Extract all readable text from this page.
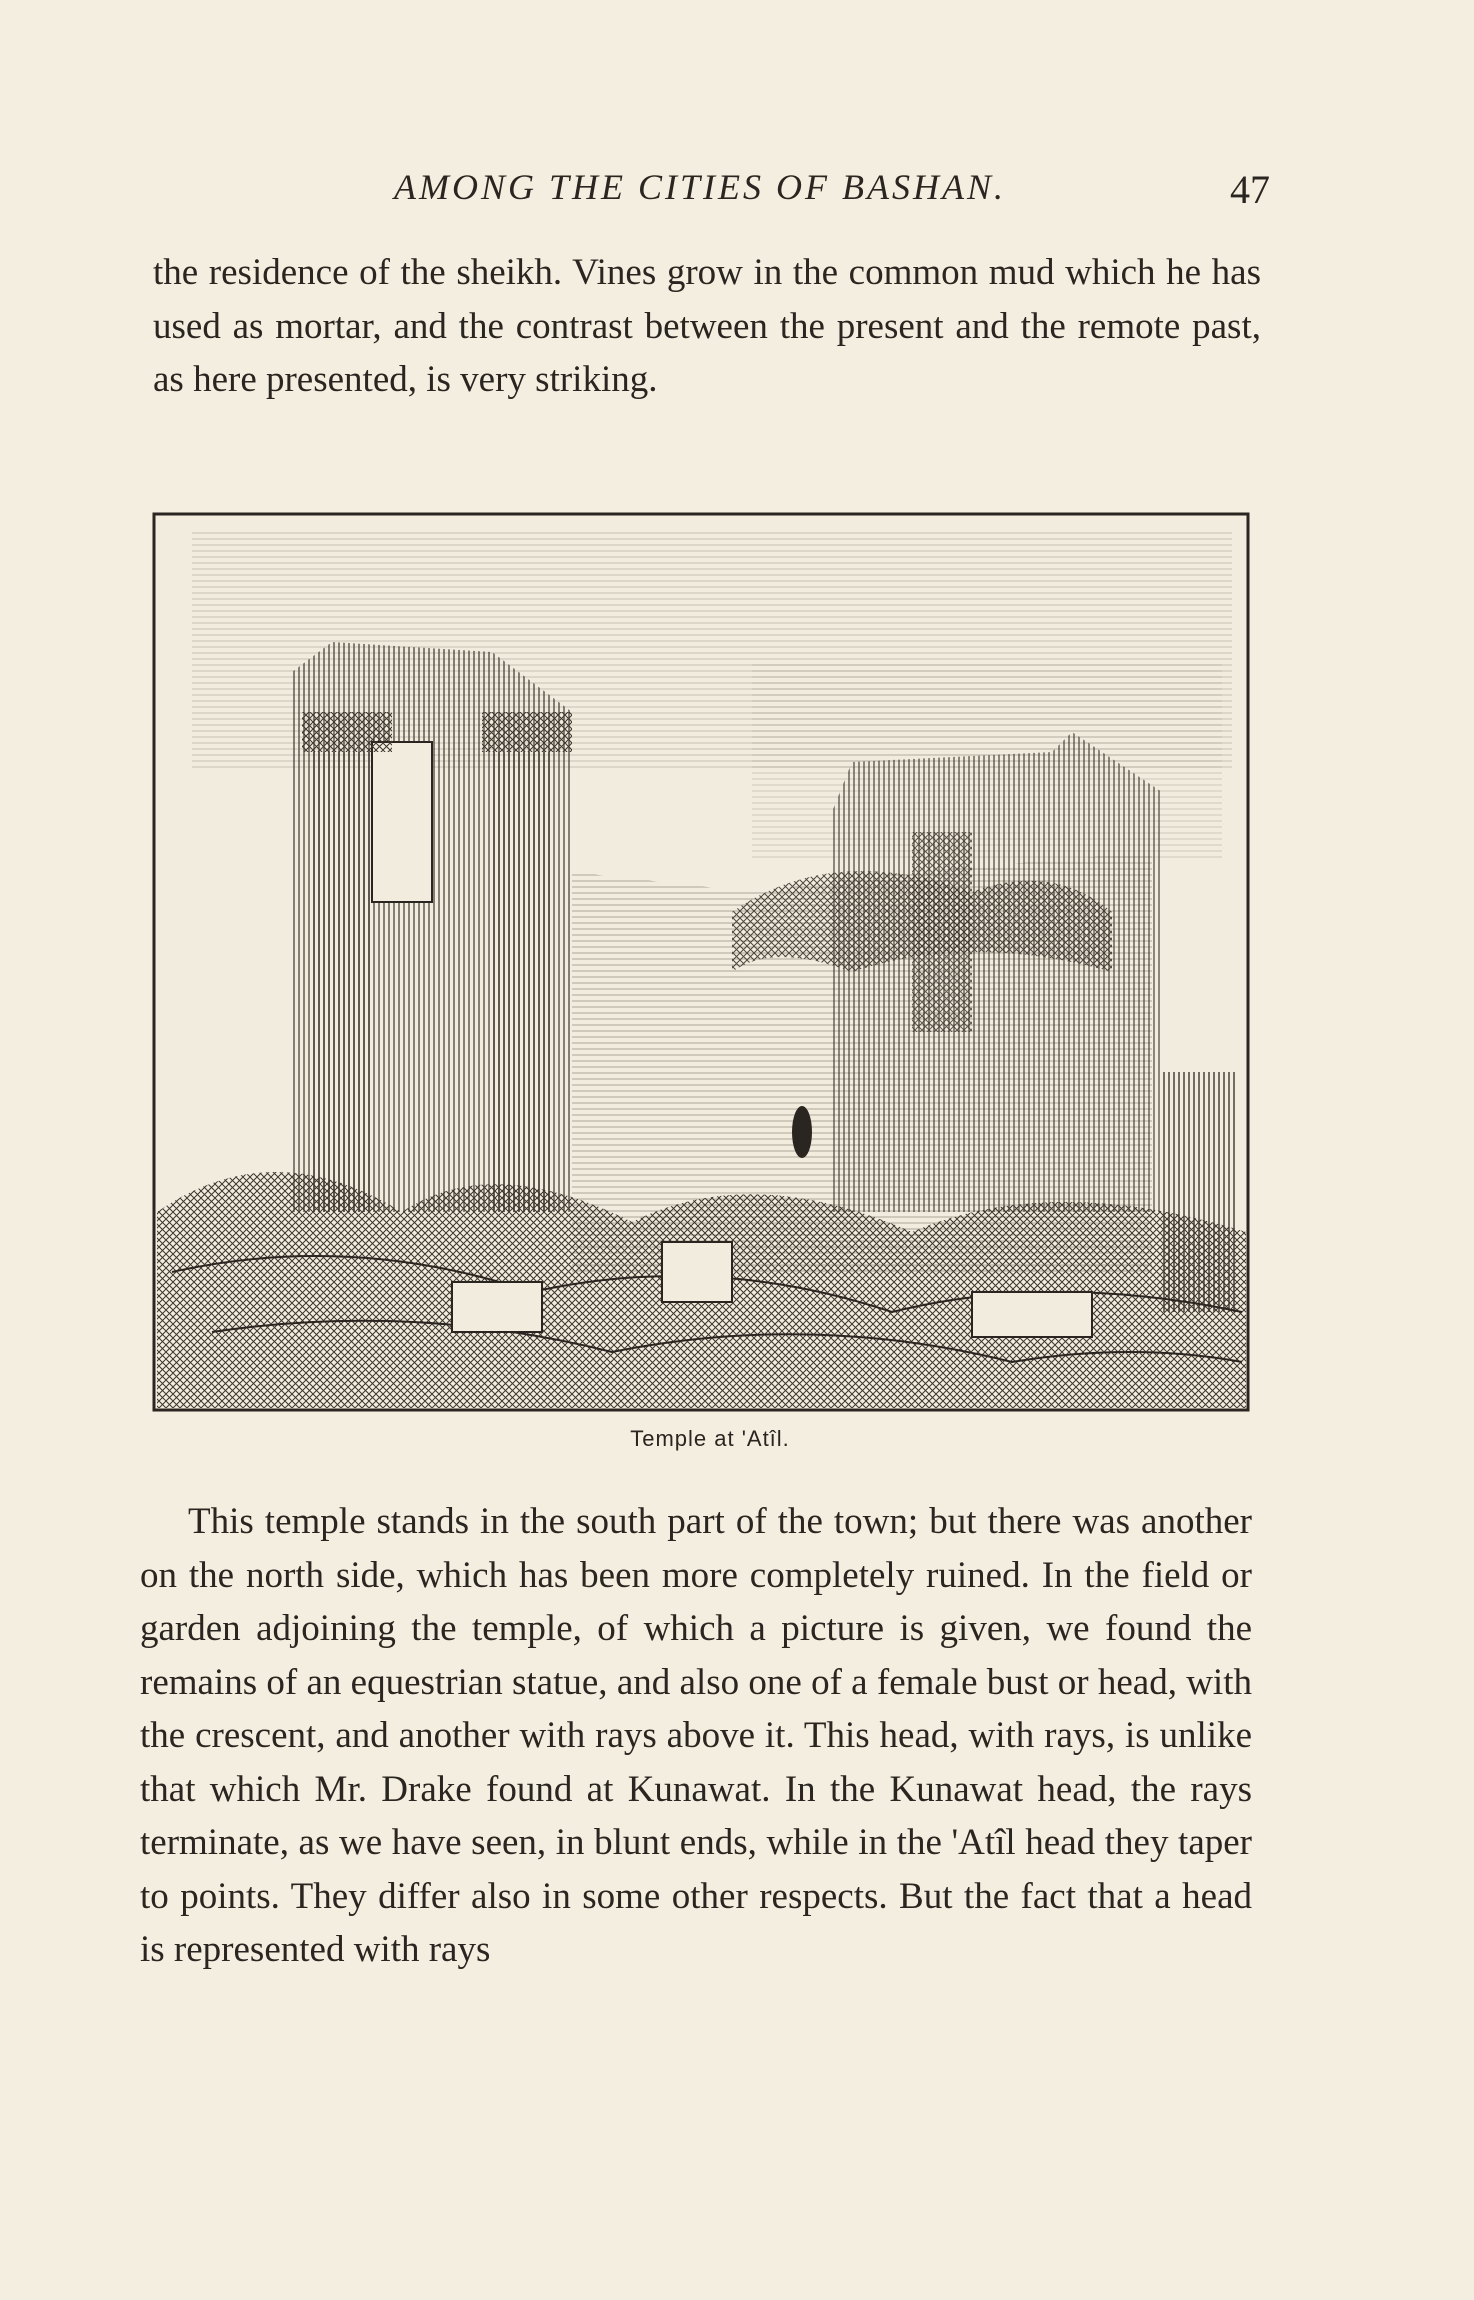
AMONG THE CITIES OF BASHAN.	47

the residence of the sheikh. Vines grow in the common mud which he has used as mortar, and the contrast between the present and the remote past, as here presented, is very striking.

Temple at 'Atîl.

This temple stands in the south part of the town; but there was another on the north side, which has been more completely ruined. In the field or garden adjoining the temple, of which a picture is given, we found the remains of an equestrian statue, and also one of a female bust or head, with the crescent, and another with rays above it. This head, with rays, is unlike that which Mr. Drake found at Kunawat. In the Kunawat head, the rays terminate, as we have seen, in blunt ends, while in the 'Atîl head they taper to points. They differ also in some other respects. But the fact that a head is represented with rays
